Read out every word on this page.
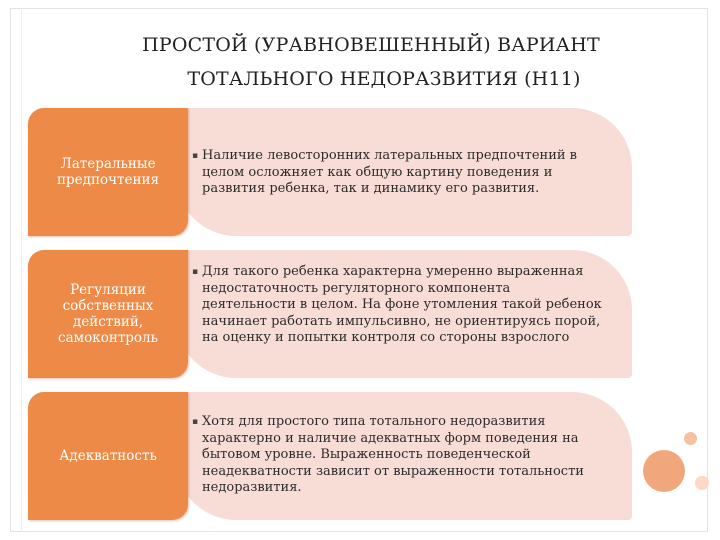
ПРОСТОЙ (УРАВНОВЕШЕННЫЙ) ВАРИАНТ
ТОТАЛЬНОГО НЕДОРАЗВИТИЯ (Н11)
Латеральные предпочтения
▪ Наличие левосторонних латеральных предпочтений в целом осложняет как общую картину поведения и развития ребенка, так и динамику его развития.
Регуляции собственных действий, самоконтроль
▪ Для такого ребенка характерна умеренно выраженная недостаточность регуляторного компонента деятельности в целом. На фоне утомления такой ребенок начинает работать импульсивно, не ориентируясь порой, на оценку и попытки контроля со стороны взрослого
Адекватность
▪ Хотя для простого типа тотального недоразвития характерно и наличие адекватных форм поведения на бытовом уровне. Выраженность поведенческой неадекватности зависит от выраженности тотальности недоразвития.
